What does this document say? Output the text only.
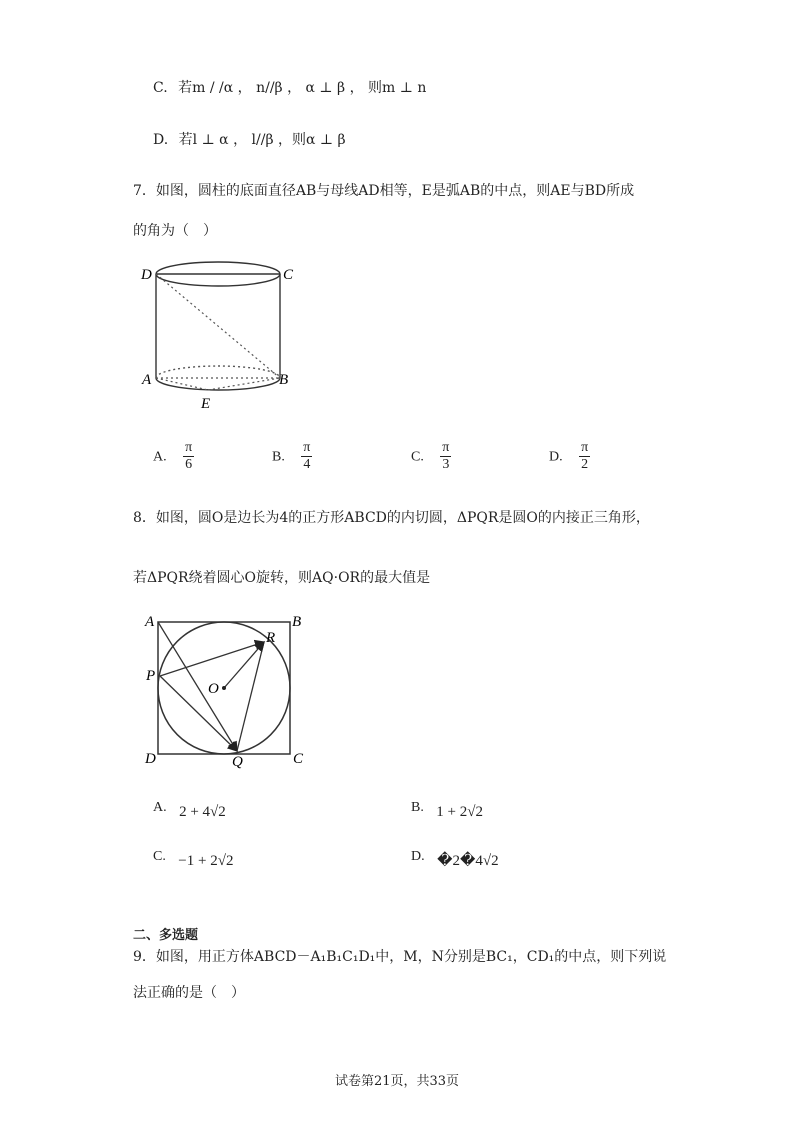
C. 若m / /α ， n//β ， α ⊥ β ， 则m ⊥ n
D. 若l ⊥ α ， l//β ，则α ⊥ β
7．如图，圆柱的底面直径AB与母线AD相等，E是弧AB的中点，则AE与BD所成
的角为（　）
D	C
A	B
E
A. $\frac{\pi}{6}$	B. $\frac{\pi}{4}$	C. $\frac{\pi}{3}$	D. $\frac{\pi}{2}$
8．如图，圆O是边长为4的正方形ABCD的内切圆，ΔPQR是圆O的内接正三角形，
若ΔPQR绕着圆心O旋转，则AQ·OR的最大值是
A	B
C
D
P
Q
R
O
A. 2 + 4√2	B. 1 + 2√2
C. −1 + 2√2	D. �2�4√2
二、多选题
9．如图，用正方体ABCD－A₁B₁C₁D₁中，M，N分别是BC₁，CD₁的中点，则下列说
法正确的是（　）
试卷第21页，共33页
